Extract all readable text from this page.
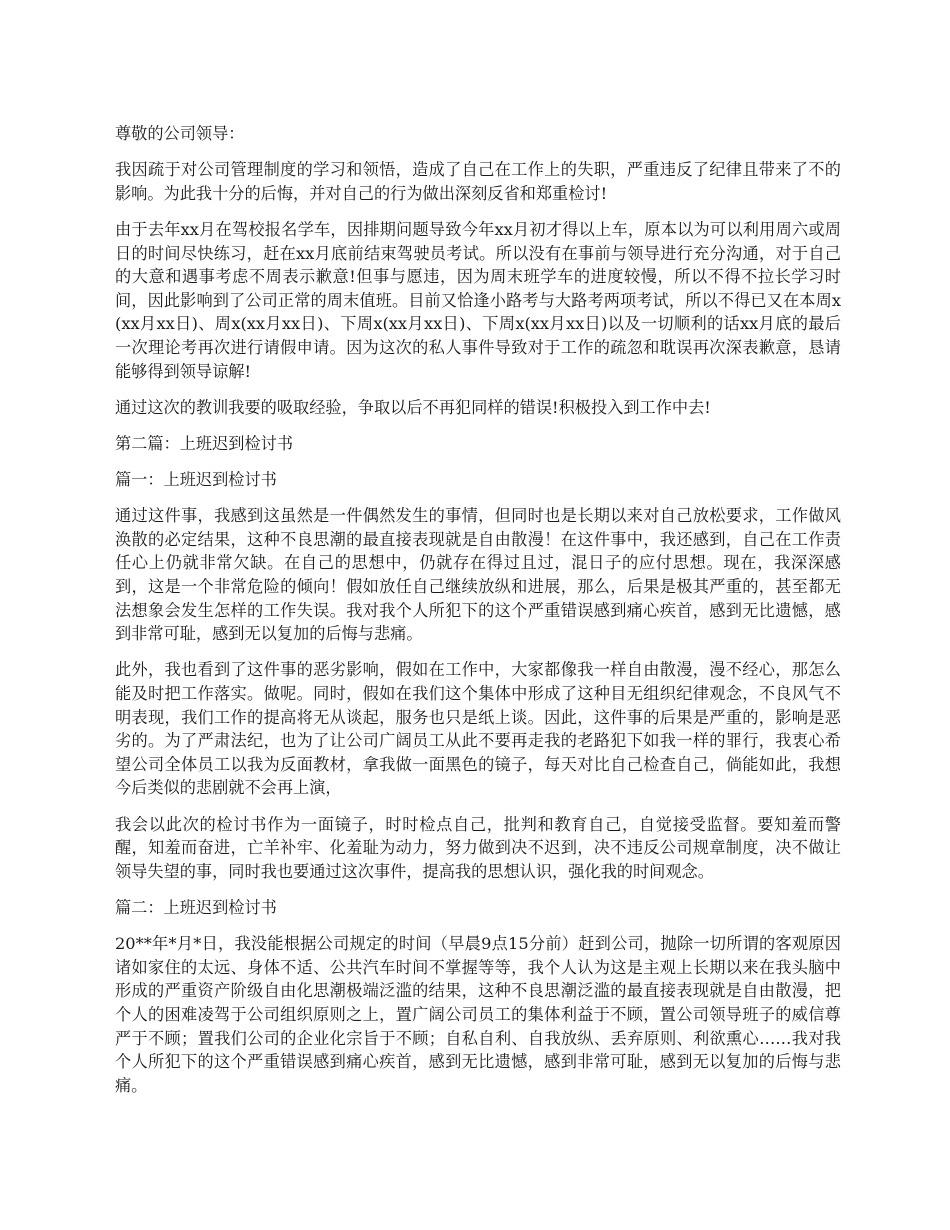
尊敬的公司领导：

我因疏于对公司管理制度的学习和领悟，造成了自己在工作上的失职，严重违反了纪律且带来了不的影响。为此我十分的后悔，并对自己的行为做出深刻反省和郑重检讨!

由于去年xx月在驾校报名学车，因排期问题导致今年xx月初才得以上车，原本以为可以利用周六或周日的时间尽快练习，赶在xx月底前结束驾驶员考试。所以没有在事前与领导进行充分沟通，对于自己的大意和遇事考虑不周表示歉意!但事与愿违，因为周末班学车的进度较慢，所以不得不拉长学习时间，因此影响到了公司正常的周末值班。目前又恰逢小路考与大路考两项考试，所以不得已又在本周x(xx月xx日)、周x(xx月xx日)、下周x(xx月xx日)、下周x(xx月xx日)以及一切顺利的话xx月底的最后一次理论考再次进行请假申请。因为这次的私人事件导致对于工作的疏忽和耽误再次深表歉意，恳请能够得到领导谅解!

通过这次的教训我要的吸取经验，争取以后不再犯同样的错误!积极投入到工作中去!

第二篇：上班迟到检讨书

篇一：上班迟到检讨书

通过这件事，我感到这虽然是一件偶然发生的事情，但同时也是长期以来对自己放松要求，工作做风涣散的必定结果，这种不良思潮的最直接表现就是自由散漫！在这件事中，我还感到，自己在工作责任心上仍就非常欠缺。在自己的思想中，仍就存在得过且过，混日子的应付思想。现在，我深深感到，这是一个非常危险的倾向！假如放任自己继续放纵和进展，那么，后果是极其严重的，甚至都无法想象会发生怎样的工作失误。我对我个人所犯下的这个严重错误感到痛心疾首，感到无比遗憾，感到非常可耻，感到无以复加的后悔与悲痛。

此外，我也看到了这件事的恶劣影响，假如在工作中，大家都像我一样自由散漫，漫不经心，那怎么能及时把工作落实。做呢。同时，假如在我们这个集体中形成了这种目无组织纪律观念，不良风气不明表现，我们工作的提高将无从谈起，服务也只是纸上谈。因此，这件事的后果是严重的，影响是恶劣的。为了严肃法纪，也为了让公司广阔员工从此不要再走我的老路犯下如我一样的罪行，我衷心希望公司全体员工以我为反面教材，拿我做一面黑色的镜子，每天对比自己检查自己，倘能如此，我想今后类似的悲剧就不会再上演，

我会以此次的检讨书作为一面镜子，时时检点自己，批判和教育自己，自觉接受监督。要知羞而警醒，知羞而奋进，亡羊补牢、化羞耻为动力，努力做到决不迟到，决不违反公司规章制度，决不做让领导失望的事，同时我也要通过这次事件，提高我的思想认识，强化我的时间观念。

篇二：上班迟到检讨书

20**年*月*日，我没能根据公司规定的时间（早晨9点15分前）赶到公司，抛除一切所谓的客观原因诸如家住的太远、身体不适、公共汽车时间不掌握等等，我个人认为这是主观上长期以来在我头脑中形成的严重资产阶级自由化思潮极端泛滥的结果，这种不良思潮泛滥的最直接表现就是自由散漫，把个人的困难凌驾于公司组织原则之上，置广阔公司员工的集体利益于不顾，置公司领导班子的威信尊严于不顾；置我们公司的企业化宗旨于不顾；自私自利、自我放纵、丢弃原则、利欲熏心……我对我个人所犯下的这个严重错误感到痛心疾首，感到无比遗憾，感到非常可耻，感到无以复加的后悔与悲痛。
